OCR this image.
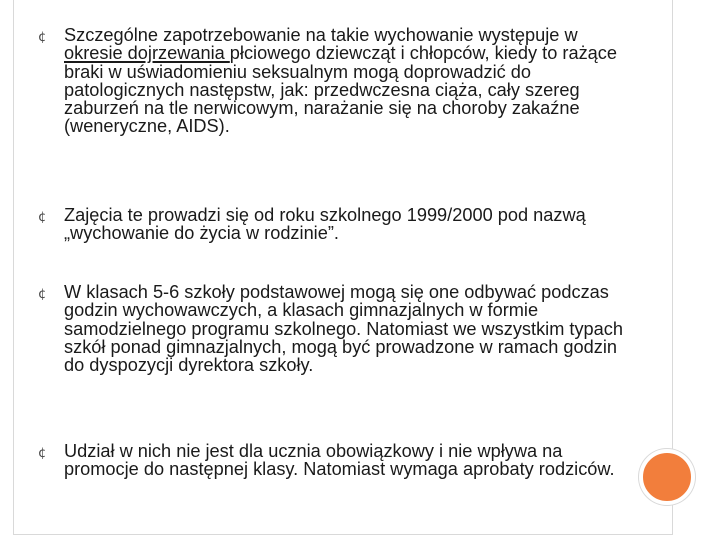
¢ Szczególne zapotrzebowanie na takie wychowanie występuje w okresie dojrzewania płciowego dziewcząt i chłopców, kiedy to rażące braki w uświadomieniu seksualnym mogą doprowadzić do patologicznych następstw, jak: przedwczesna ciąża, cały szereg zaburzeń na tle nerwicowym, narażanie się na choroby zakaźne (weneryczne, AIDS).
¢ Zajęcia te prowadzi się od roku szkolnego 1999/2000 pod nazwą „wychowanie do życia w rodzinie”.
¢ W klasach 5-6 szkoły podstawowej mogą się one odbywać podczas godzin wychowawczych, a klasach gimnazjalnych w formie samodzielnego programu szkolnego. Natomiast we wszystkim typach szkół ponad gimnazjalnych, mogą być prowadzone w ramach godzin do dyspozycji dyrektora szkoły.
¢ Udział w nich nie jest dla ucznia obowiązkowy i nie wpływa na promocje do następnej klasy. Natomiast wymaga aprobaty rodziców.
